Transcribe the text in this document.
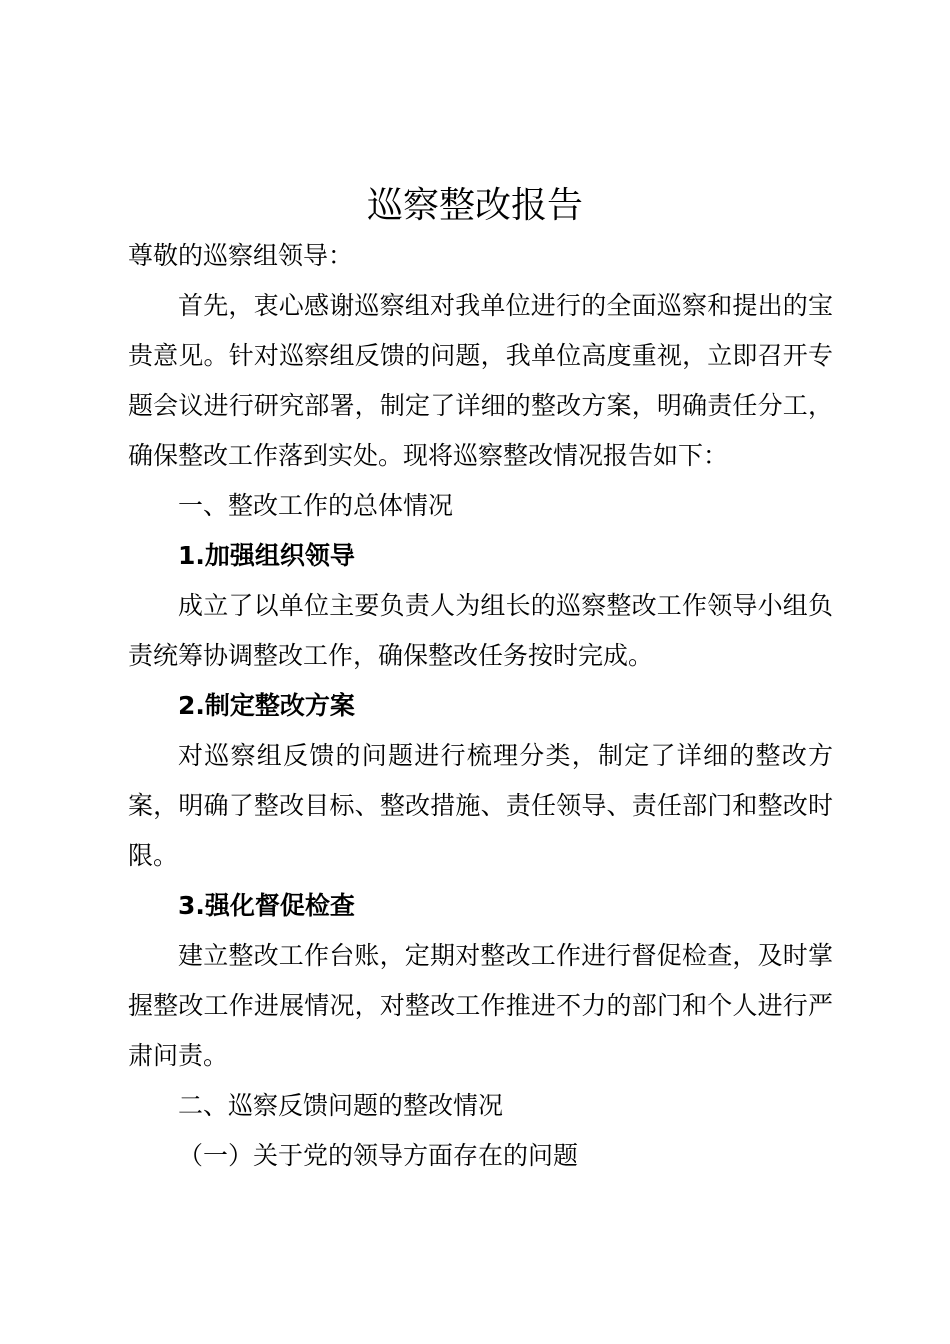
巡察整改报告

尊敬的巡察组领导：

首先，衷心感谢巡察组对我单位进行的全面巡察和提出的宝贵意见。针对巡察组反馈的问题，我单位高度重视，立即召开专题会议进行研究部署，制定了详细的整改方案，明确责任分工，确保整改工作落到实处。现将巡察整改情况报告如下：

一、整改工作的总体情况

1.加强组织领导

成立了以单位主要负责人为组长的巡察整改工作领导小组负责统筹协调整改工作，确保整改任务按时完成。

2.制定整改方案

对巡察组反馈的问题进行梳理分类，制定了详细的整改方案，明确了整改目标、整改措施、责任领导、责任部门和整改时限。

3.强化督促检查

建立整改工作台账，定期对整改工作进行督促检查，及时掌握整改工作进展情况，对整改工作推进不力的部门和个人进行严肃问责。

二、巡察反馈问题的整改情况

（一）关于党的领导方面存在的问题
